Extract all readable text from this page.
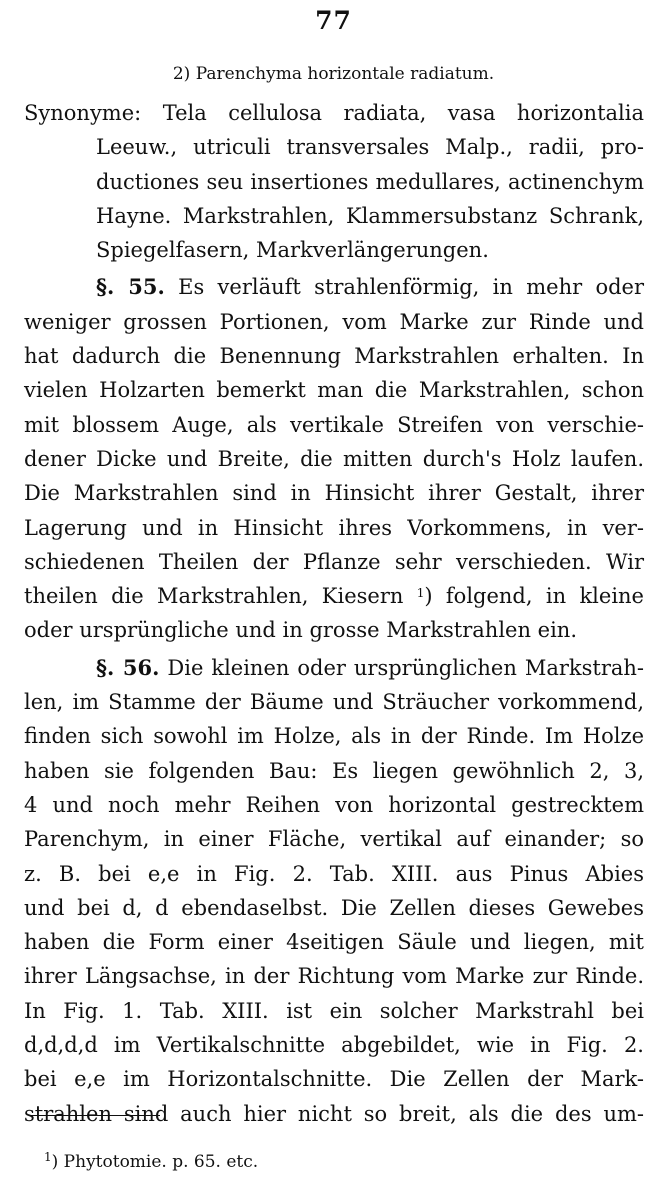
77
2) Parenchyma horizontale radiatum.
Synonyme: Tela cellulosa radiata, vasa horizontalia
Leeuw., utriculi transversales Malp., radii, pro-
ductiones seu insertiones medullares, actinenchym
Hayne. Markstrahlen, Klammersubstanz Schrank,
Spiegelfasern, Markverlängerungen.
§. 55. Es verläuft strahlenförmig, in mehr oder
weniger grossen Portionen, vom Marke zur Rinde und
hat dadurch die Benennung Markstrahlen erhalten. In
vielen Holzarten bemerkt man die Markstrahlen, schon
mit blossem Auge, als vertikale Streifen von verschie-
dener Dicke und Breite, die mitten durch's Holz laufen.
Die Markstrahlen sind in Hinsicht ihrer Gestalt, ihrer
Lagerung und in Hinsicht ihres Vorkommens, in ver-
schiedenen Theilen der Pflanze sehr verschieden. Wir
theilen die Markstrahlen, Kiesern $^1$) folgend, in kleine
oder ursprüngliche und in grosse Markstrahlen ein.
§. 56. Die kleinen oder ursprünglichen Markstrah-
len, im Stamme der Bäume und Sträucher vorkommend,
finden sich sowohl im Holze, als in der Rinde. Im Holze
haben sie folgenden Bau: Es liegen gewöhnlich 2, 3,
4 und noch mehr Reihen von horizontal gestrecktem
Parenchym, in einer Fläche, vertikal auf einander; so
z. B. bei e,e in Fig. 2. Tab. XIII. aus Pinus Abies
und bei d, d ebendaselbst. Die Zellen dieses Gewebes
haben die Form einer 4seitigen Säule und liegen, mit
ihrer Längsachse, in der Richtung vom Marke zur Rinde.
In Fig. 1. Tab. XIII. ist ein solcher Markstrahl bei
d,d,d,d im Vertikalschnitte abgebildet, wie in Fig. 2.
bei e,e im Horizontalschnitte. Die Zellen der Mark-
strahlen sind auch hier nicht so breit, als die des um-
$^1$) Phytotomie. p. 65. etc.
